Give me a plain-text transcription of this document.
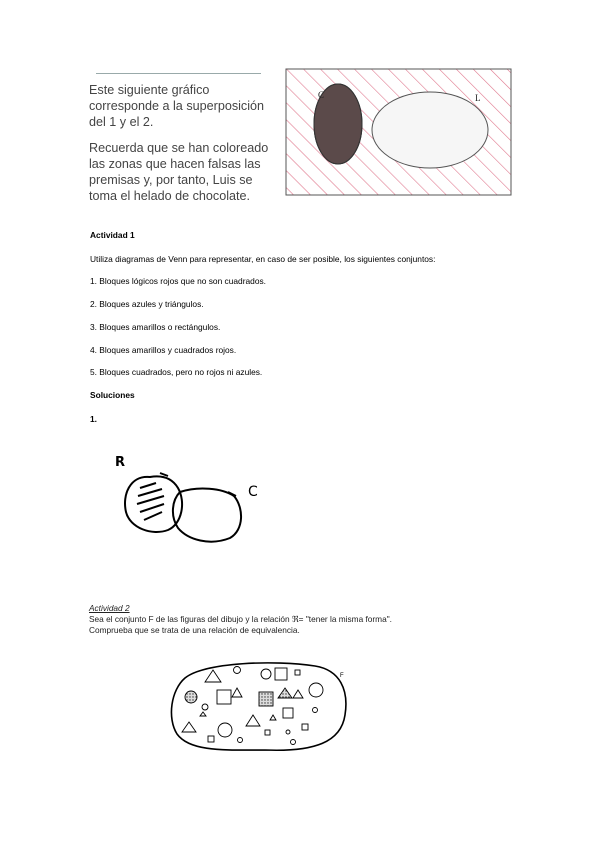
Este siguiente gráfico corresponde a la superposición del 1 y el 2.

Recuerda que se han coloreado las zonas que hacen falsas las premisas y, por tanto, Luis se toma el helado de chocolate.

C	L
Actividad 1
Utiliza diagramas de Venn para representar, en caso de ser posible, los siguientes conjuntos:
1. Bloques lógicos rojos que no son cuadrados.
2. Bloques azules y triángulos.
3. Bloques amarillos o rectángulos.
4. Bloques amarillos y cuadrados rojos.
5. Bloques cuadrados, pero no rojos ni azules.
Soluciones
1.
R
C
Actividad 2
Sea el conjunto F de las figuras del dibujo y la relación ℜ= "tener la misma forma".
Comprueba que se trata de una relación de equivalencia.
F
